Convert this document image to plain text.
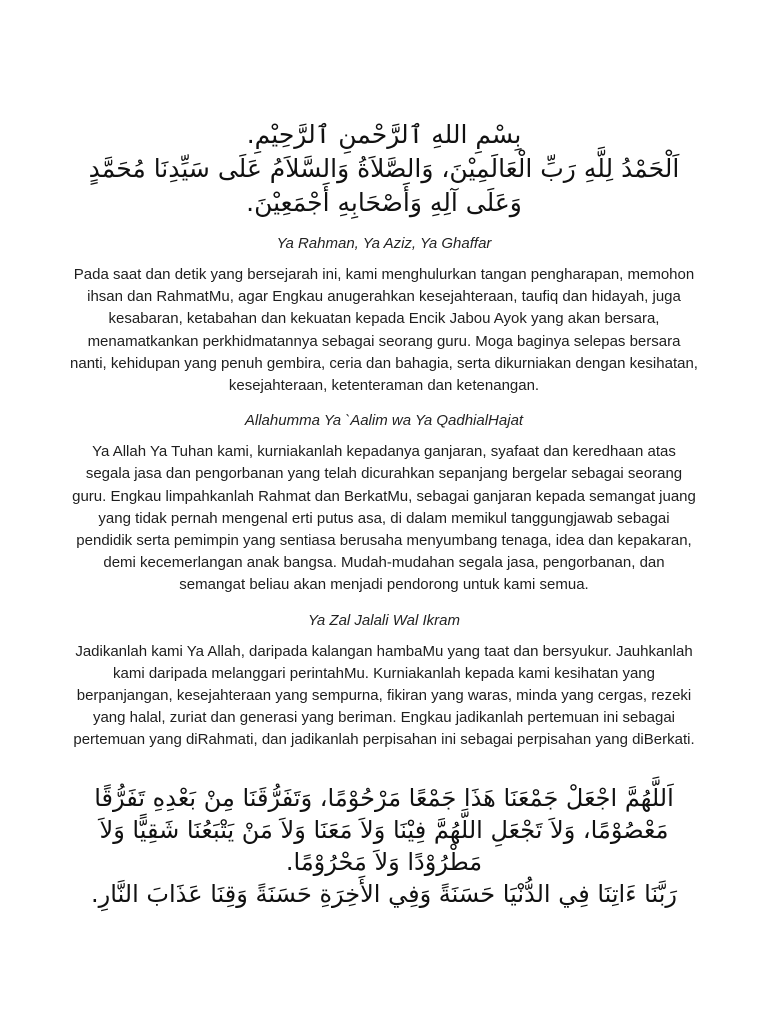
بِسْمِ اللهِ ٱلرَّحْمنِ ٱلرَّحِيْمِ.
اَلْحَمْدُ لِلَّهِ رَبِّ الْعَالَمِيْنَ، وَالصَّلاَةُ وَالسَّلاَمُ عَلَى سَيِّدِنَا مُحَمَّدٍ وَعَلَى آلِهِ وَأَصْحَابِهِ أَجْمَعِيْنَ.
Ya Rahman, Ya Aziz, Ya Ghaffar

Pada saat dan detik yang bersejarah ini, kami menghulurkan tangan pengharapan, memohon ihsan dan RahmatMu, agar Engkau anugerahkan kesejahteraan, taufiq dan hidayah, juga kesabaran, ketabahan dan kekuatan kepada Encik Jabou Ayok yang akan bersara, menamatkankan perkhidmatannya sebagai seorang guru. Moga baginya selepas bersara nanti, kehidupan yang penuh gembira, ceria dan bahagia, serta dikurniakan dengan kesihatan, kesejahteraan, ketenteraman dan ketenangan.

Allahumma Ya `Aalim wa Ya QadhialHajat

Ya Allah Ya Tuhan kami, kurniakanlah kepadanya ganjaran, syafaat dan keredhaan atas segala jasa dan pengorbanan yang telah dicurahkan sepanjang bergelar sebagai seorang guru. Engkau limpahkanlah Rahmat dan BerkatMu, sebagai ganjaran kepada semangat juang yang tidak pernah mengenal erti putus asa, di dalam memikul tanggungjawab sebagai pendidik serta pemimpin yang sentiasa berusaha menyumbang tenaga, idea dan kepakaran, demi kecemerlangan anak bangsa. Mudah-mudahan segala jasa, pengorbanan, dan semangat beliau akan menjadi pendorong untuk kami semua.

Ya Zal Jalali Wal Ikram

Jadikanlah kami Ya Allah, daripada kalangan hambaMu yang taat dan bersyukur. Jauhkanlah kami daripada melanggari perintahMu. Kurniakanlah kepada kami kesihatan yang berpanjangan, kesejahteraan yang sempurna, fikiran yang waras, minda yang cergas, rezeki yang halal, zuriat dan generasi yang beriman. Engkau jadikanlah pertemuan ini sebagai pertemuan yang diRahmati, dan jadikanlah perpisahan ini sebagai perpisahan yang diBerkati.

اَللَّهُمَّ اجْعَلْ جَمْعَنَا هَذَا جَمْعًا مَرْحُوْمًا، وَتَفَرُّقَنَا مِنْ بَعْدِهِ تَفَرُّقًا مَعْصُوْمًا، وَلاَ تَجْعَلِ اللَّهُمَّ فِيْنَا وَلاَ مَعَنَا وَلاَ مَنْ يَتْبَعُنَا شَقِيًّا وَلاَ مَطْرُوْدًا وَلاَ مَحْرُوْمًا.
رَبَّنَا ءَاتِنَا فِي الدُّنْيَا حَسَنَةً وَفِي الأَخِرَةِ حَسَنَةً وَقِنَا عَذَابَ النَّارِ.
